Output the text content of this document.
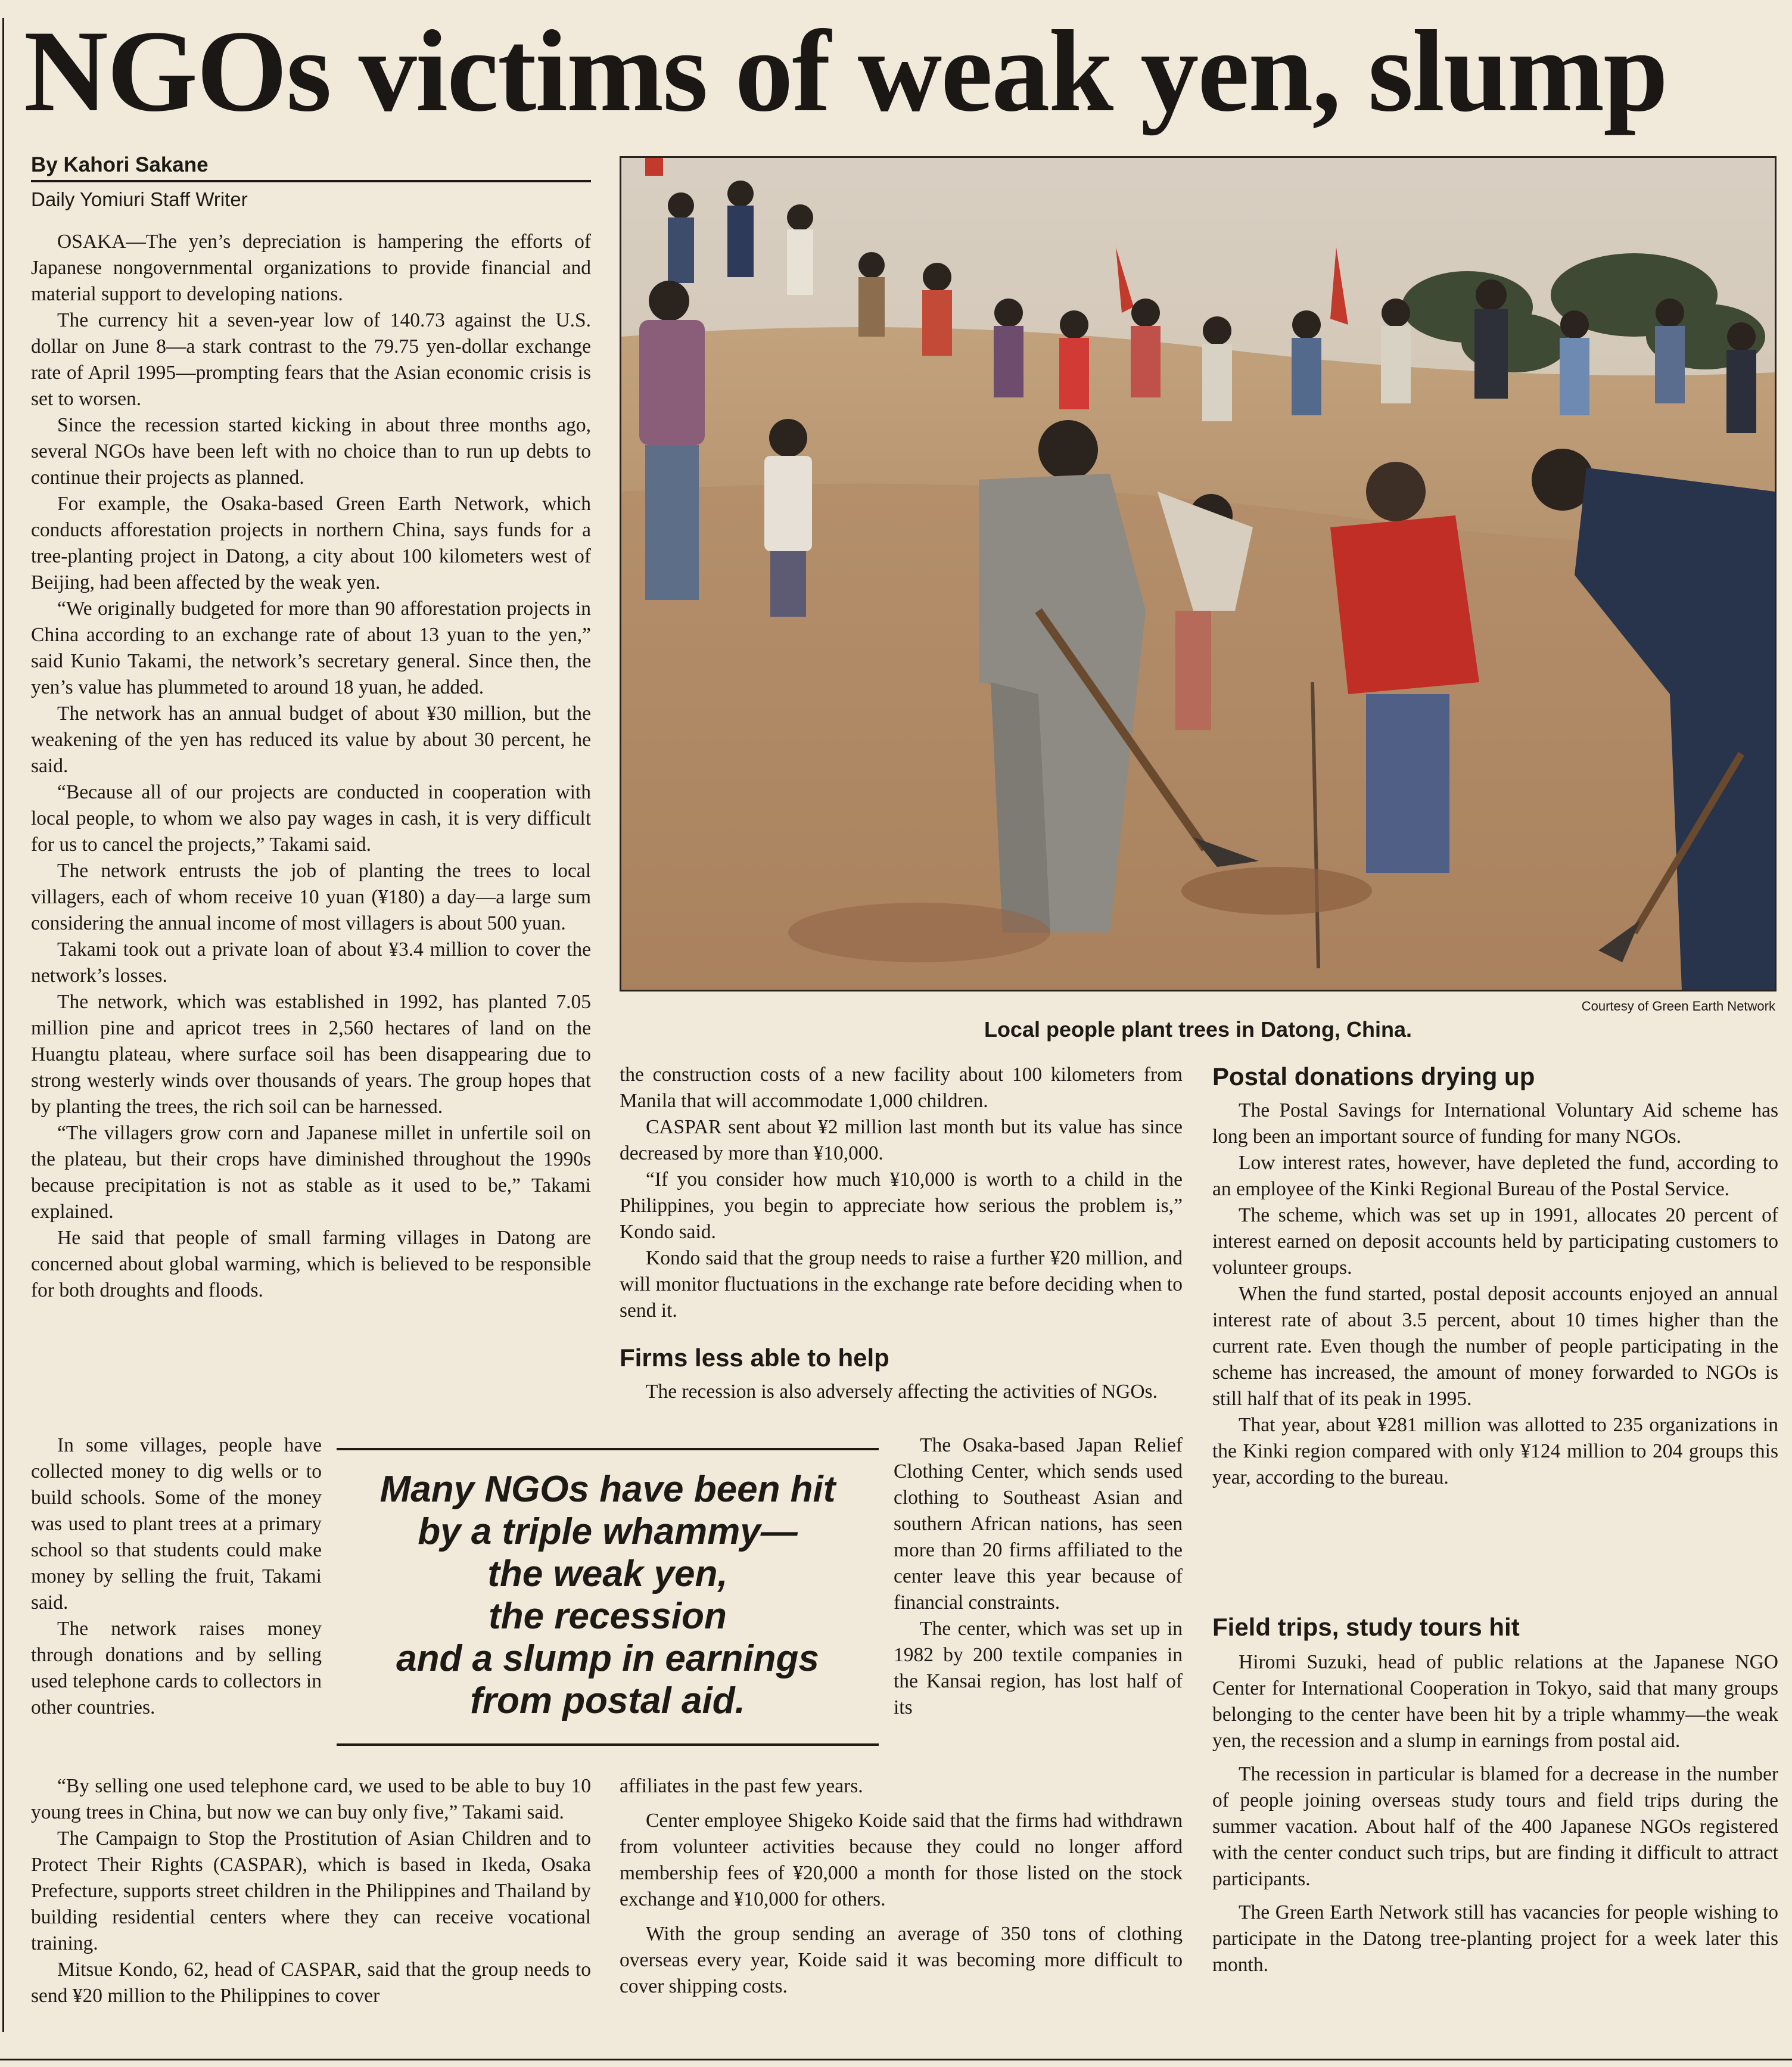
NGOs victims of weak yen, slump
By Kahori Sakane
Daily Yomiuri Staff Writer

OSAKA—The yen’s depreciation is hampering the efforts of Japanese nongovernmental organizations to provide financial and material support to developing nations.

The currency hit a seven-year low of 140.73 against the U.S. dollar on June 8—a stark contrast to the 79.75 yen-dollar exchange rate of April 1995—prompting fears that the Asian economic crisis is set to worsen.

Since the recession started kicking in about three months ago, several NGOs have been left with no choice than to run up debts to continue their projects as planned.

For example, the Osaka-based Green Earth Network, which conducts afforestation projects in northern China, says funds for a tree-planting project in Datong, a city about 100 kilometers west of Beijing, had been affected by the weak yen.

“We originally budgeted for more than 90 afforestation projects in China according to an exchange rate of about 13 yuan to the yen,” said Kunio Takami, the network’s secretary general. Since then, the yen’s value has plummeted to around 18 yuan, he added.

The network has an annual budget of about ¥30 million, but the weakening of the yen has reduced its value by about 30 percent, he said.

“Because all of our projects are conducted in cooperation with local people, to whom we also pay wages in cash, it is very difficult for us to cancel the projects,” Takami said.

The network entrusts the job of planting the trees to local villagers, each of whom receive 10 yuan (¥180) a day—a large sum considering the annual income of most villagers is about 500 yuan.

Takami took out a private loan of about ¥3.4 million to cover the network’s losses.

The network, which was established in 1992, has planted 7.05 million pine and apricot trees in 2,560 hectares of land on the Huangtu plateau, where surface soil has been disappearing due to strong westerly winds over thousands of years. The group hopes that by planting the trees, the rich soil can be harnessed.

“The villagers grow corn and Japanese millet in unfertile soil on the plateau, but their crops have diminished throughout the 1990s because precipitation is not as stable as it used to be,” Takami explained.

He said that people of small farming villages in Datong are concerned about global warming, which is believed to be responsible for both droughts and floods.

In some villages, people have collected money to dig wells or to build schools. Some of the money was used to plant trees at a primary school so that students could make money by selling the fruit, Takami said.

The network raises money through donations and by selling used telephone cards to collectors in other countries.

“By selling one used telephone card, we used to be able to buy 10 young trees in China, but now we can buy only five,” Takami said.

The Campaign to Stop the Prostitution of Asian Children and to Protect Their Rights (CASPAR), which is based in Ikeda, Osaka Prefecture, supports street children in the Philippines and Thailand by building residential centers where they can receive vocational training.

Mitsue Kondo, 62, head of CASPAR, said that the group needs to send ¥20 million to the Philippines to cover

Courtesy of Green Earth Network
Local people plant trees in Datong, China.

the construction costs of a new facility about 100 kilometers from Manila that will accommodate 1,000 children.

CASPAR sent about ¥2 million last month but its value has since decreased by more than ¥10,000.

“If you consider how much ¥10,000 is worth to a child in the Philippines, you begin to appreciate how serious the problem is,” Kondo said.

Kondo said that the group needs to raise a further ¥20 million, and will monitor fluctuations in the exchange rate before deciding when to send it.

Firms less able to help

The recession is also adversely affecting the activities of NGOs.

The Osaka-based Japan Relief Clothing Center, which sends used clothing to Southeast Asian and southern African nations, has seen more than 20 firms affiliated to the center leave this year because of financial constraints.

The center, which was set up in 1982 by 200 textile companies in the Kansai region, has lost half of its

affiliates in the past few years.

Center employee Shigeko Koide said that the firms had withdrawn from volunteer activities because they could no longer afford membership fees of ¥20,000 a month for those listed on the stock exchange and ¥10,000 for others.

With the group sending an average of 350 tons of clothing overseas every year, Koide said it was becoming more difficult to cover shipping costs.

Many NGOs have been hit
by a triple whammy—
the weak yen,
the recession
and a slump in earnings
from postal aid.
Postal donations drying up

The Postal Savings for International Voluntary Aid scheme has long been an important source of funding for many NGOs.

Low interest rates, however, have depleted the fund, according to an employee of the Kinki Regional Bureau of the Postal Service.

The scheme, which was set up in 1991, allocates 20 percent of interest earned on deposit accounts held by participating customers to volunteer groups.

When the fund started, postal deposit accounts enjoyed an annual interest rate of about 3.5 percent, about 10 times higher than the current rate. Even though the number of people participating in the scheme has increased, the amount of money forwarded to NGOs is still half that of its peak in 1995.

That year, about ¥281 million was allotted to 235 organizations in the Kinki region compared with only ¥124 million to 204 groups this year, according to the bureau.

Field trips, study tours hit

Hiromi Suzuki, head of public relations at the Japanese NGO Center for International Cooperation in Tokyo, said that many groups belonging to the center have been hit by a triple whammy—the weak yen, the recession and a slump in earnings from postal aid.

The recession in particular is blamed for a decrease in the number of people joining overseas study tours and field trips during the summer vacation. About half of the 400 Japanese NGOs registered with the center conduct such trips, but are finding it difficult to attract participants.

The Green Earth Network still has vacancies for people wishing to participate in the Datong tree-planting project for a week later this month.
